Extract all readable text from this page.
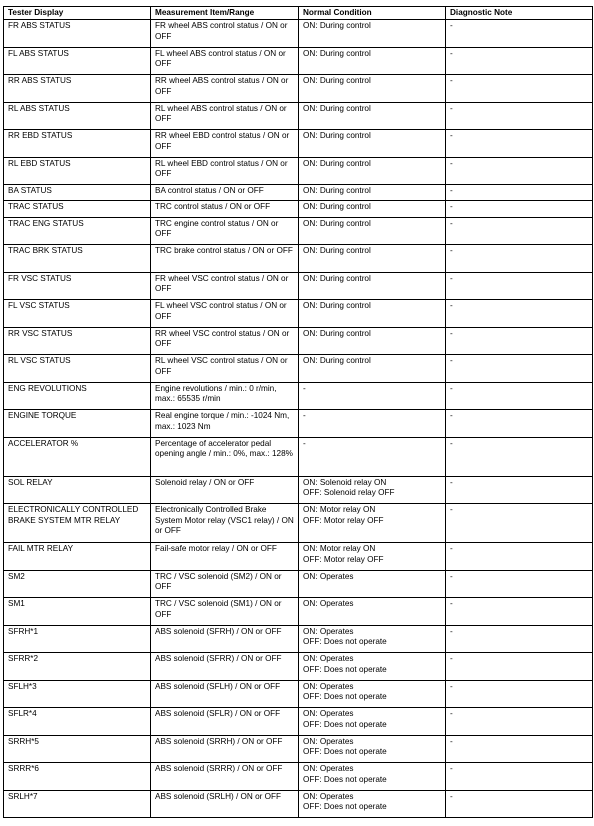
Tester Display	Measurement Item/Range	Normal Condition	Diagnostic Note
FR ABS STATUS	FR wheel ABS control status / ON or OFF	ON: During control	-
FL ABS STATUS	FL wheel ABS control status / ON or OFF	ON: During control	-
RR ABS STATUS	RR wheel ABS control status / ON or OFF	ON: During control	-
RL ABS STATUS	RL wheel ABS control status / ON or OFF	ON: During control	-
RR EBD STATUS	RR wheel EBD control status / ON or OFF	ON: During control	-
RL EBD STATUS	RL wheel EBD control status / ON or OFF	ON: During control	-
BA STATUS	BA control status / ON or OFF	ON: During control	-
TRAC STATUS	TRC control status / ON or OFF	ON: During control	-
TRAC ENG STATUS	TRC engine control status / ON or OFF	ON: During control	-
TRAC BRK STATUS	TRC brake control status / ON or OFF	ON: During control	-
FR VSC STATUS	FR wheel VSC control status / ON or OFF	ON: During control	-
FL VSC STATUS	FL wheel VSC control status / ON or OFF	ON: During control	-
RR VSC STATUS	RR wheel VSC control status / ON or OFF	ON: During control	-
RL VSC STATUS	RL wheel VSC control status / ON or OFF	ON: During control	-
ENG REVOLUTIONS	Engine revolutions / min.: 0 r/min, max.: 65535 r/min	-	-
ENGINE TORQUE	Real engine torque / min.: -1024 Nm, max.: 1023 Nm	-	-
ACCELERATOR %	Percentage of accelerator pedal opening angle / min.: 0%, max.: 128%	-	-
SOL RELAY	Solenoid relay / ON or OFF	ON: Solenoid relay ON
OFF: Solenoid relay OFF	-
ELECTRONICALLY CONTROLLED BRAKE SYSTEM MTR RELAY	Electronically Controlled Brake System Motor relay (VSC1 relay) / ON or OFF	ON: Motor relay ON
OFF: Motor relay OFF	-
FAIL MTR RELAY	Fail-safe motor relay / ON or OFF	ON: Motor relay ON
OFF: Motor relay OFF	-
SM2	TRC / VSC solenoid (SM2) / ON or OFF	ON: Operates	-
SM1	TRC / VSC solenoid (SM1) / ON or OFF	ON: Operates	-
SFRH*1	ABS solenoid (SFRH) / ON or OFF	ON: Operates
OFF: Does not operate	-
SFRR*2	ABS solenoid (SFRR) / ON or OFF	ON: Operates
OFF: Does not operate	-
SFLH*3	ABS solenoid (SFLH) / ON or OFF	ON: Operates
OFF: Does not operate	-
SFLR*4	ABS solenoid (SFLR) / ON or OFF	ON: Operates
OFF: Does not operate	-
SRRH*5	ABS solenoid (SRRH) / ON or OFF	ON: Operates
OFF: Does not operate	-
SRRR*6	ABS solenoid (SRRR) / ON or OFF	ON: Operates
OFF: Does not operate	-
SRLH*7	ABS solenoid (SRLH) / ON or OFF	ON: Operates
OFF: Does not operate	-
